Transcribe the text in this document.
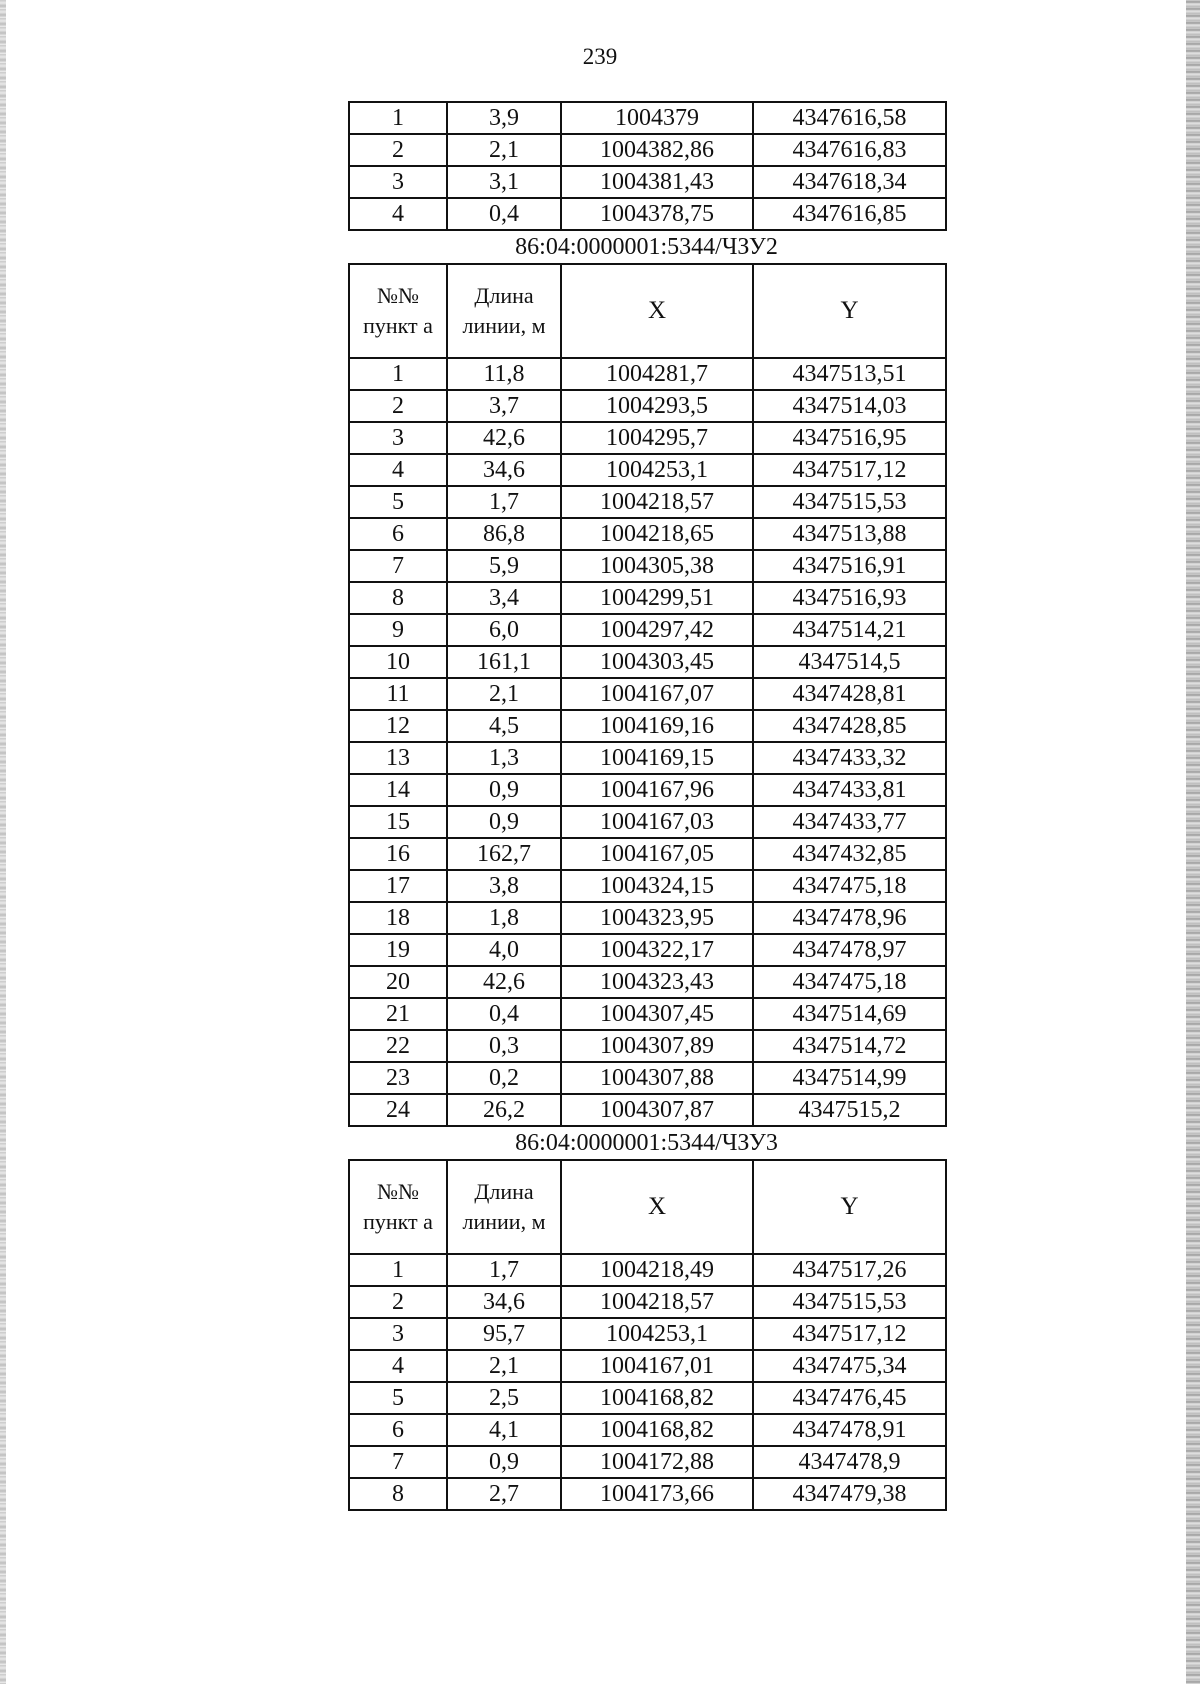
239
1	3,9	1004379	4347616,58
2	2,1	1004382,86	4347616,83
3	3,1	1004381,43	4347618,34
4	0,4	1004378,75	4347616,85
86:04:0000001:5344/ЧЗУ2
№№ пункт а	Длина линии, м	X	Y
1	11,8	1004281,7	4347513,51
2	3,7	1004293,5	4347514,03
3	42,6	1004295,7	4347516,95
4	34,6	1004253,1	4347517,12
5	1,7	1004218,57	4347515,53
6	86,8	1004218,65	4347513,88
7	5,9	1004305,38	4347516,91
8	3,4	1004299,51	4347516,93
9	6,0	1004297,42	4347514,21
10	161,1	1004303,45	4347514,5
11	2,1	1004167,07	4347428,81
12	4,5	1004169,16	4347428,85
13	1,3	1004169,15	4347433,32
14	0,9	1004167,96	4347433,81
15	0,9	1004167,03	4347433,77
16	162,7	1004167,05	4347432,85
17	3,8	1004324,15	4347475,18
18	1,8	1004323,95	4347478,96
19	4,0	1004322,17	4347478,97
20	42,6	1004323,43	4347475,18
21	0,4	1004307,45	4347514,69
22	0,3	1004307,89	4347514,72
23	0,2	1004307,88	4347514,99
24	26,2	1004307,87	4347515,2
86:04:0000001:5344/ЧЗУ3
№№ пункт а	Длина линии, м	X	Y
1	1,7	1004218,49	4347517,26
2	34,6	1004218,57	4347515,53
3	95,7	1004253,1	4347517,12
4	2,1	1004167,01	4347475,34
5	2,5	1004168,82	4347476,45
6	4,1	1004168,82	4347478,91
7	0,9	1004172,88	4347478,9
8	2,7	1004173,66	4347479,38
